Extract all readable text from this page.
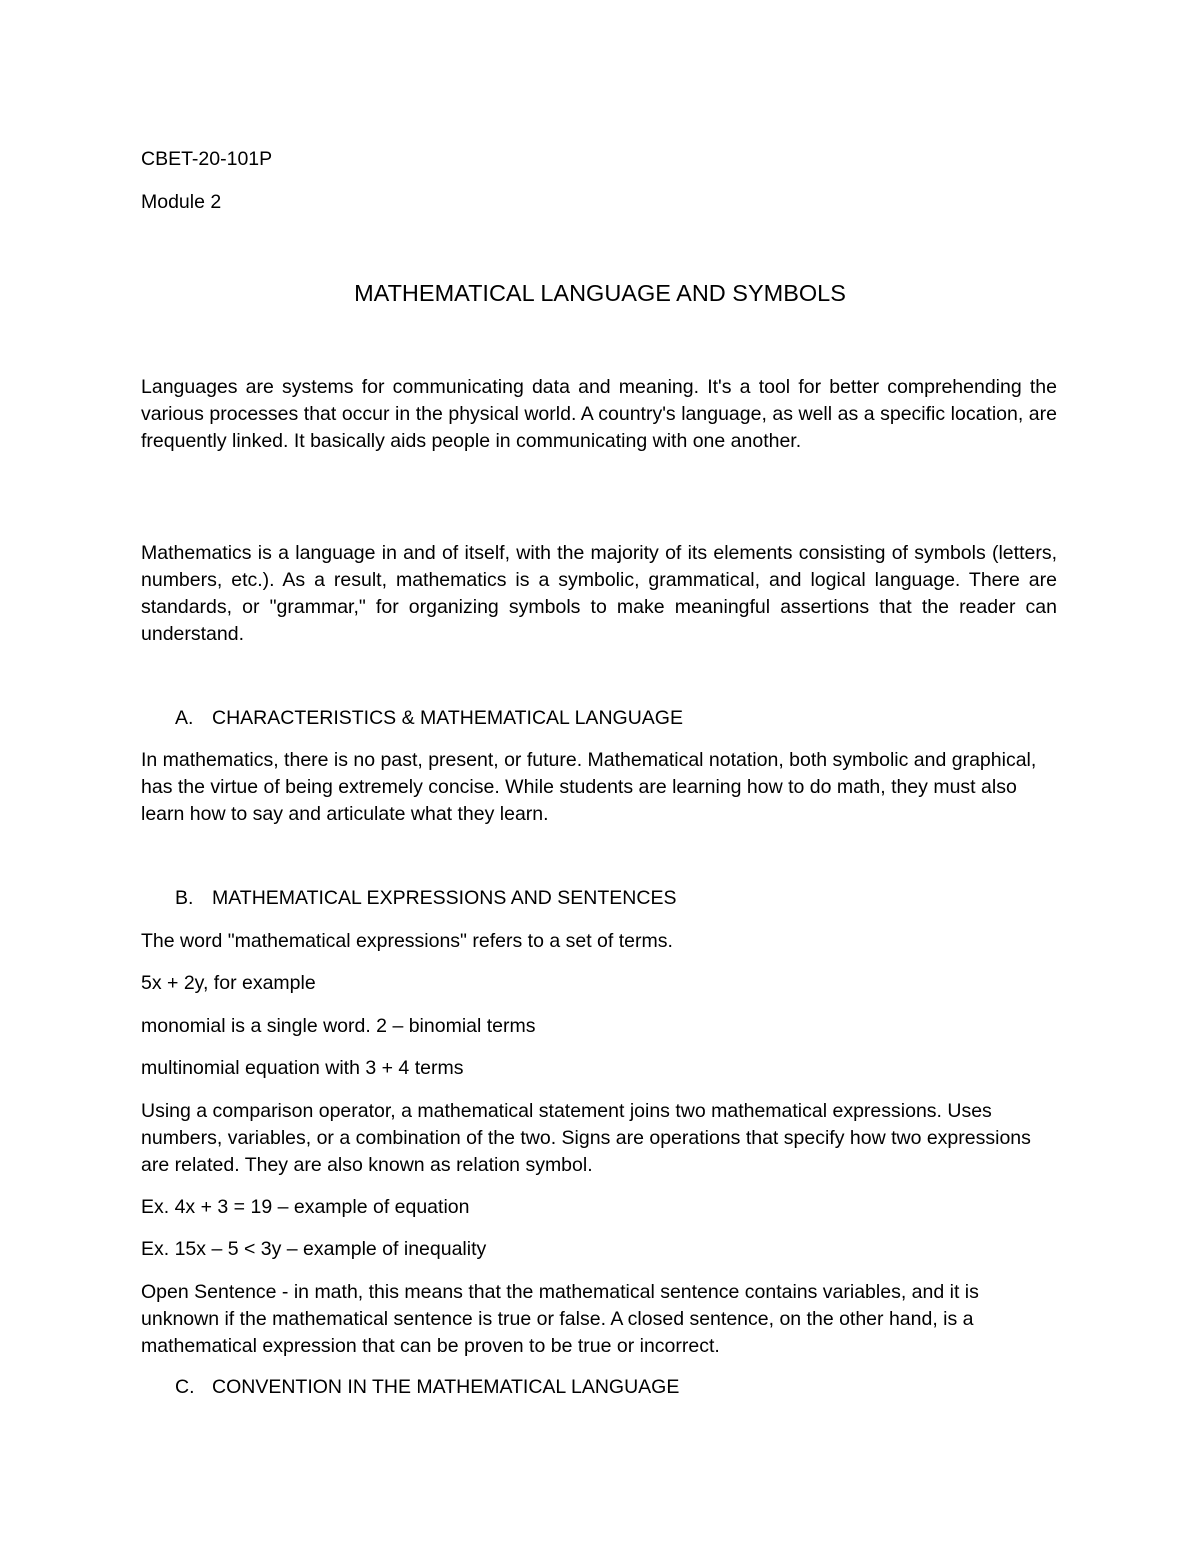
CBET-20-101P
Module 2
MATHEMATICAL LANGUAGE AND SYMBOLS
Languages are systems for communicating data and meaning. It's a tool for better comprehending the various processes that occur in the physical world. A country's language, as well as a specific location, are frequently linked. It basically aids people in communicating with one another.
Mathematics is a language in and of itself, with the majority of its elements consisting of symbols (letters, numbers, etc.). As a result, mathematics is a symbolic, grammatical, and logical language. There are standards, or "grammar," for organizing symbols to make meaningful assertions that the reader can understand.
A. CHARACTERISTICS & MATHEMATICAL LANGUAGE
In mathematics, there is no past, present, or future. Mathematical notation, both symbolic and graphical, has the virtue of being extremely concise. While students are learning how to do math, they must also learn how to say and articulate what they learn.
B. MATHEMATICAL EXPRESSIONS AND SENTENCES
The word "mathematical expressions" refers to a set of terms.
5x + 2y, for example
monomial is a single word. 2 – binomial terms
multinomial equation with 3 + 4 terms
Using a comparison operator, a mathematical statement joins two mathematical expressions. Uses numbers, variables, or a combination of the two. Signs are operations that specify how two expressions are related. They are also known as relation symbol.
Ex. 4x + 3 = 19 – example of equation
Ex. 15x – 5 < 3y – example of inequality
Open Sentence - in math, this means that the mathematical sentence contains variables, and it is unknown if the mathematical sentence is true or false. A closed sentence, on the other hand, is a mathematical expression that can be proven to be true or incorrect.
C. CONVENTION IN THE MATHEMATICAL LANGUAGE
